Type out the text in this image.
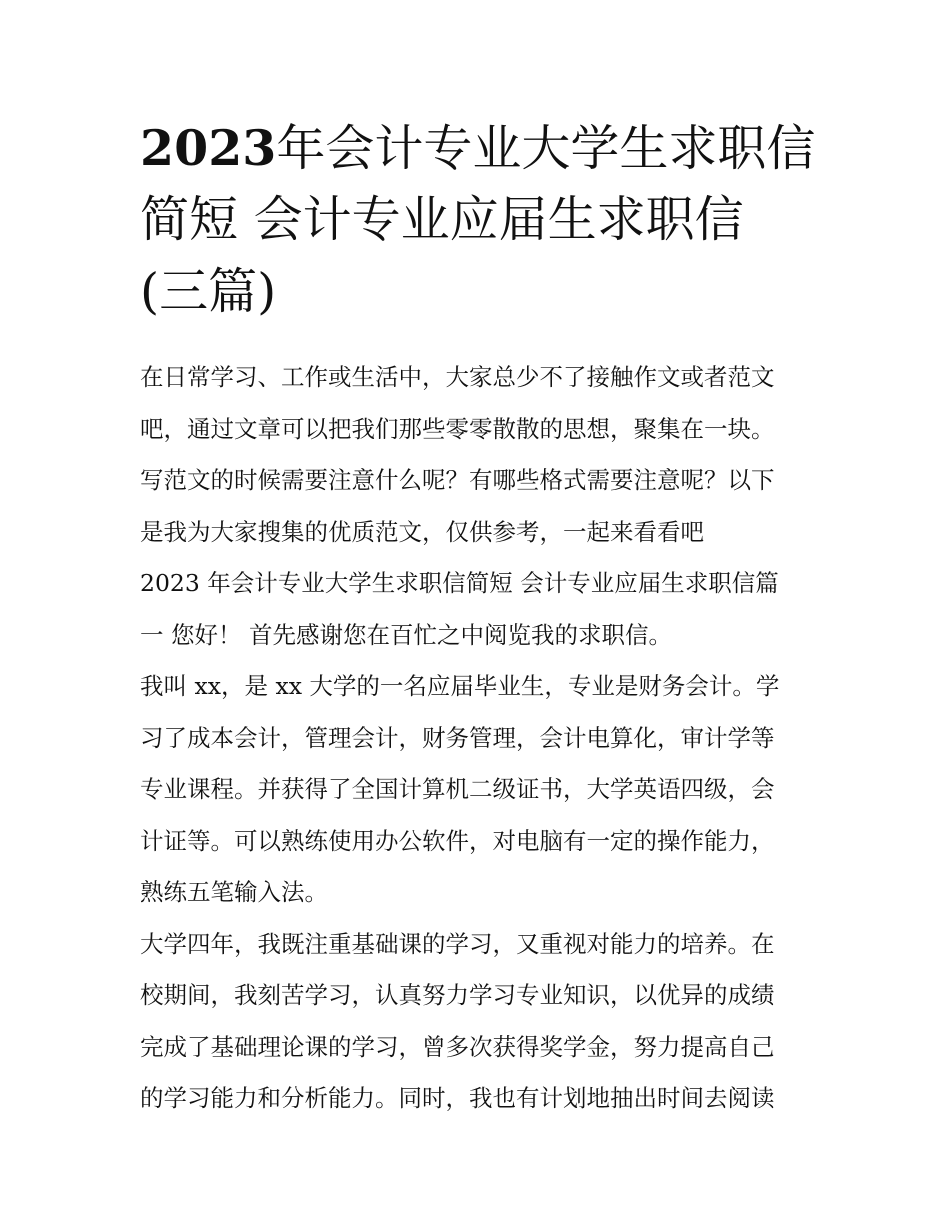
2023年会计专业大学生求职信
简短 会计专业应届生求职信
(三篇)
在日常学习、工作或生活中，大家总少不了接触作文或者范文
吧，通过文章可以把我们那些零零散散的思想，聚集在一块。
写范文的时候需要注意什么呢？有哪些格式需要注意呢？以下
是我为大家搜集的优质范文，仅供参考，一起来看看吧
2023 年会计专业大学生求职信简短 会计专业应届生求职信篇
一 您好！ 首先感谢您在百忙之中阅览我的求职信。
我叫 xx，是 xx 大学的一名应届毕业生，专业是财务会计。学
习了成本会计，管理会计，财务管理，会计电算化，审计学等
专业课程。并获得了全国计算机二级证书，大学英语四级，会
计证等。可以熟练使用办公软件，对电脑有一定的操作能力，
熟练五笔输入法。
大学四年，我既注重基础课的学习，又重视对能力的培养。在
校期间，我刻苦学习，认真努力学习专业知识，以优异的成绩
完成了基础理论课的学习，曾多次获得奖学金，努力提高自己
的学习能力和分析能力。同时，我也有计划地抽出时间去阅读
